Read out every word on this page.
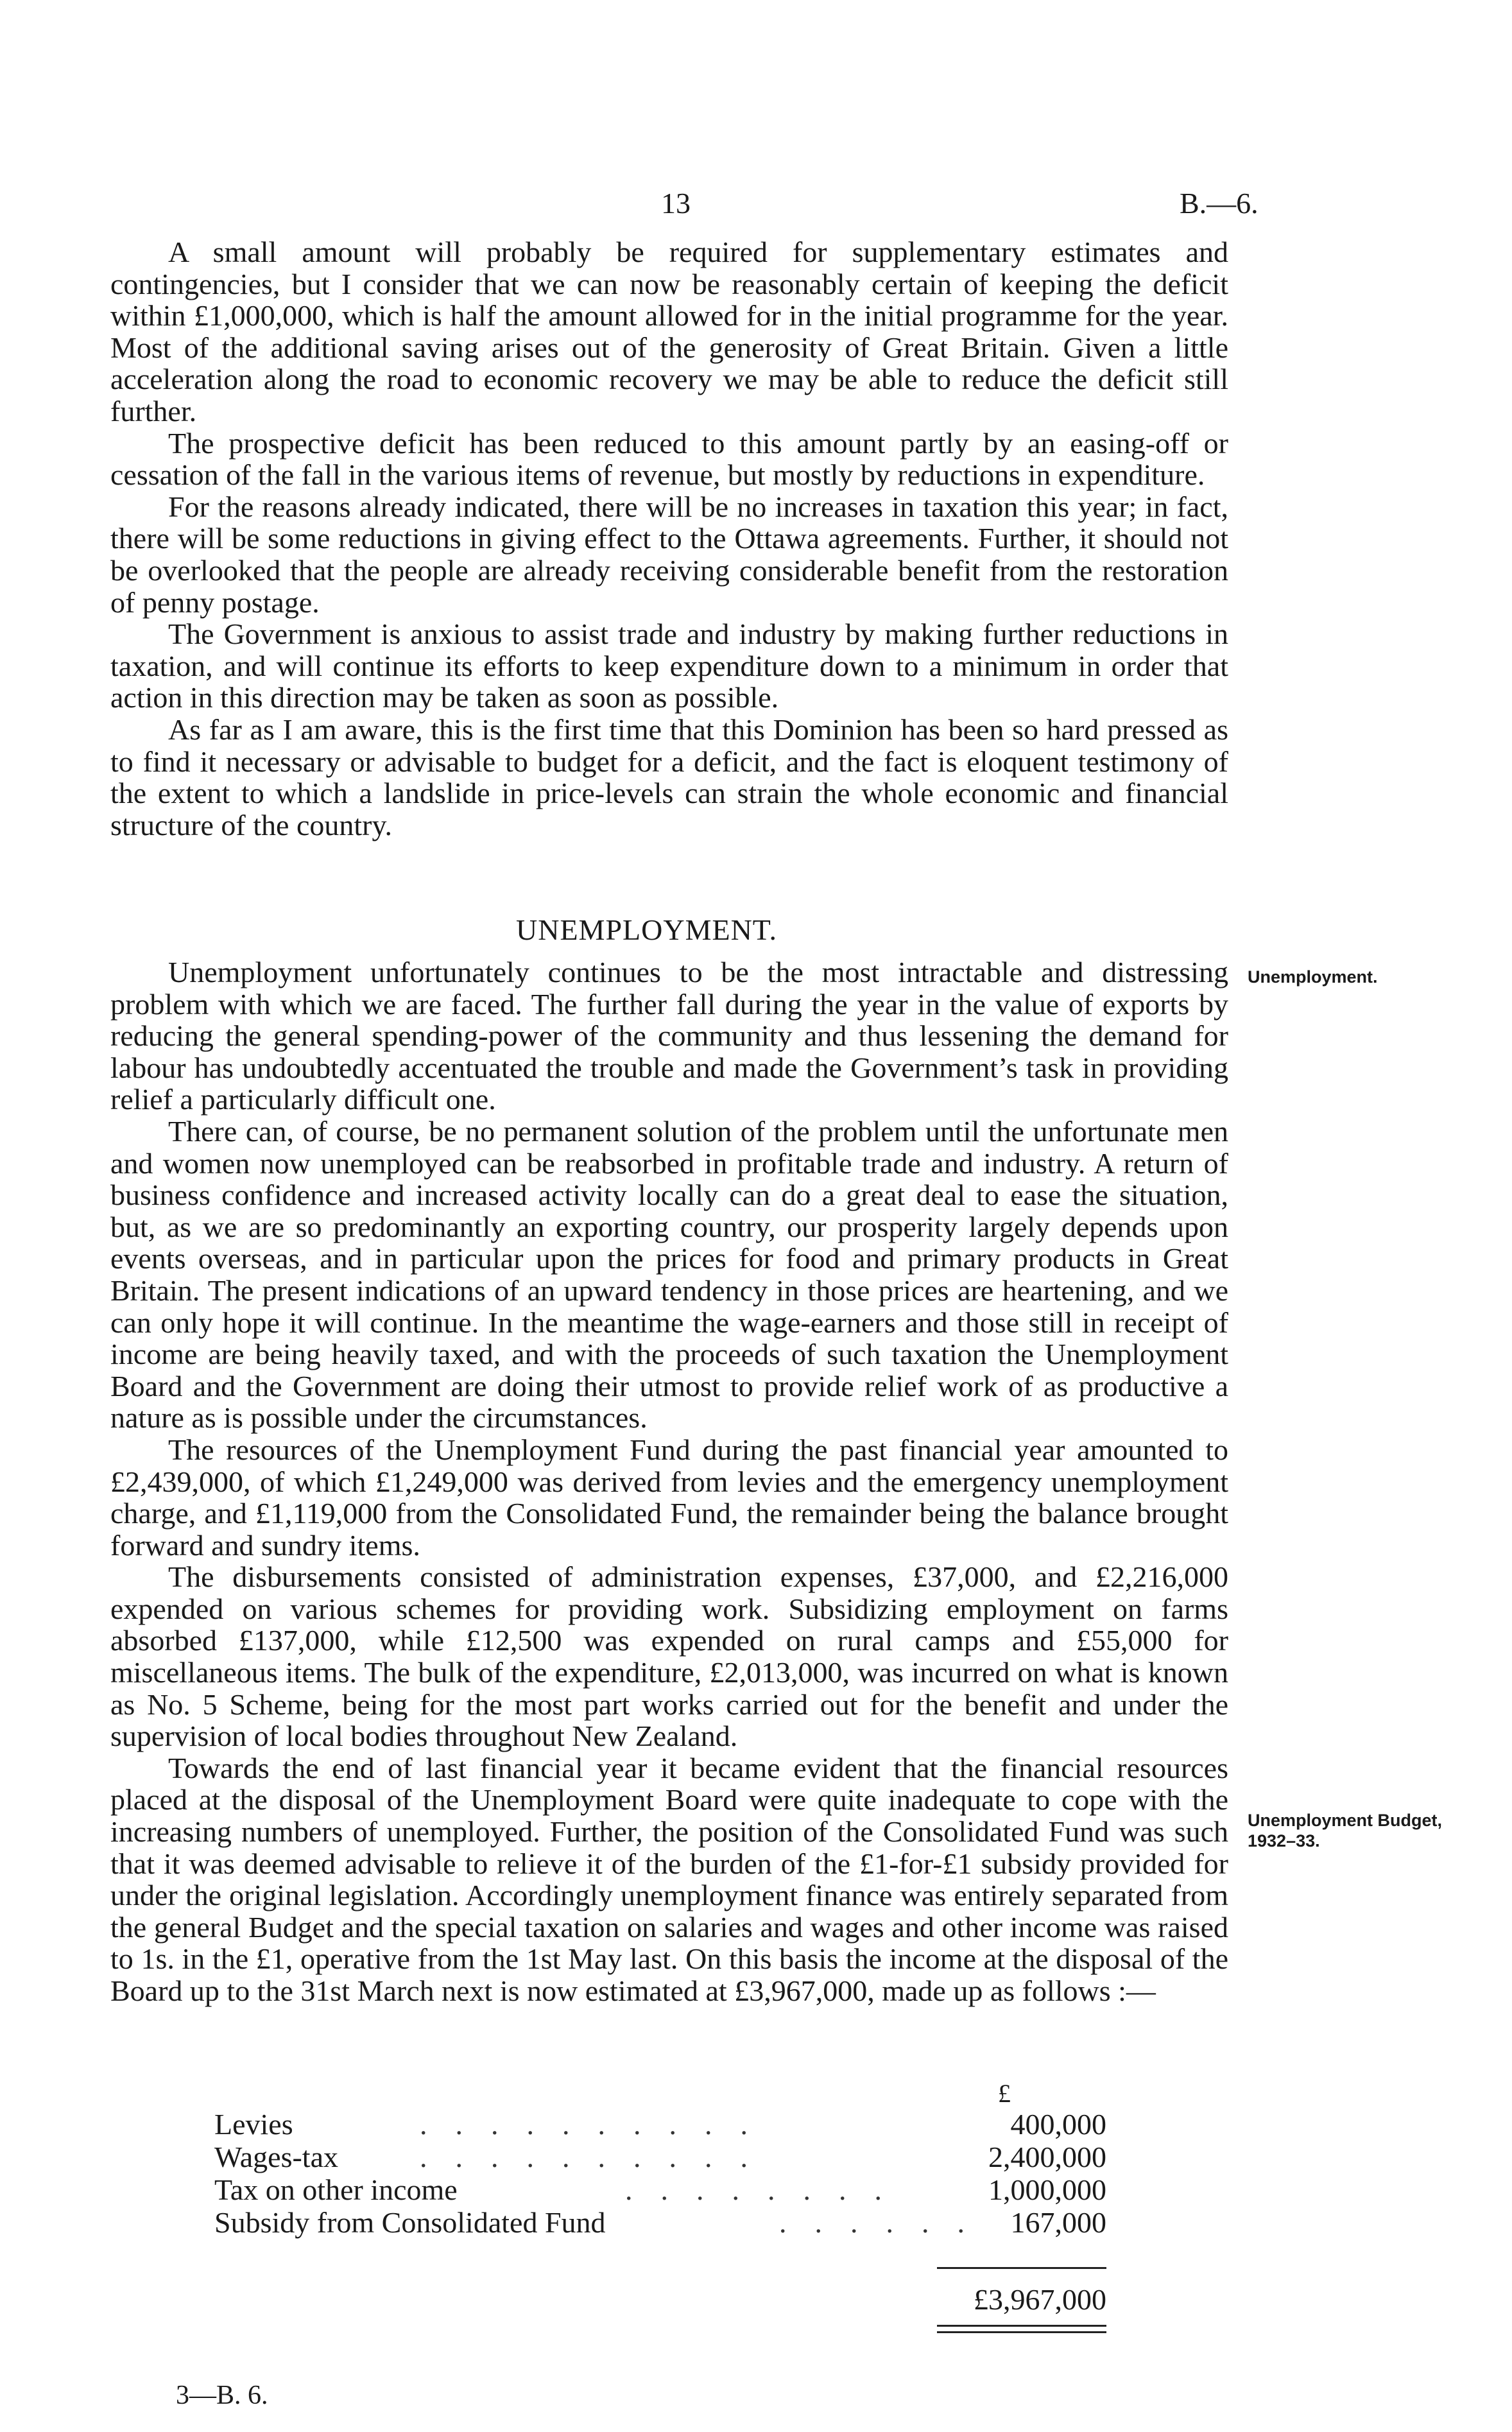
13	B.—6.

A small amount will probably be required for supplementary estimates and contingencies, but I consider that we can now be reasonably certain of keeping the deficit within £1,000,000, which is half the amount allowed for in the initial programme for the year. Most of the additional saving arises out of the generosity of Great Britain. Given a little acceleration along the road to economic recovery we may be able to reduce the deficit still further.

The prospective deficit has been reduced to this amount partly by an easing-off or cessation of the fall in the various items of revenue, but mostly by reductions in expenditure.

For the reasons already indicated, there will be no increases in taxation this year; in fact, there will be some reductions in giving effect to the Ottawa agreements. Further, it should not be overlooked that the people are already receiving considerable benefit from the restoration of penny postage.

The Government is anxious to assist trade and industry by making further reductions in taxation, and will continue its efforts to keep expenditure down to a minimum in order that action in this direction may be taken as soon as possible.

As far as I am aware, this is the first time that this Dominion has been so hard pressed as to find it necessary or advisable to budget for a deficit, and the fact is eloquent testimony of the extent to which a landslide in price-levels can strain the whole economic and financial structure of the country.

UNEMPLOYMENT.

Unemployment unfortunately continues to be the most intractable and distressing problem with which we are faced. The further fall during the year in the value of exports by reducing the general spending-power of the community and thus lessening the demand for labour has undoubtedly accentuated the trouble and made the Government’s task in providing relief a particularly difficult one.

There can, of course, be no permanent solution of the problem until the unfortunate men and women now unemployed can be reabsorbed in profitable trade and industry. A return of business confidence and increased activity locally can do a great deal to ease the situation, but, as we are so predominantly an exporting country, our prosperity largely depends upon events overseas, and in particular upon the prices for food and primary products in Great Britain. The present indications of an upward tendency in those prices are heartening, and we can only hope it will continue. In the meantime the wage-earners and those still in receipt of income are being heavily taxed, and with the proceeds of such taxation the Unemployment Board and the Government are doing their utmost to provide relief work of as productive a nature as is possible under the circumstances.

The resources of the Unemployment Fund during the past financial year amounted to £2,439,000, of which £1,249,000 was derived from levies and the emergency unemployment charge, and £1,119,000 from the Consolidated Fund, the remainder being the balance brought forward and sundry items.

The disbursements consisted of administration expenses, £37,000, and £2,216,000 expended on various schemes for providing work. Subsidizing employment on farms absorbed £137,000, while £12,500 was expended on rural camps and £55,000 for miscellaneous items. The bulk of the expenditure, £2,013,000, was incurred on what is known as No. 5 Scheme, being for the most part works carried out for the benefit and under the supervision of local bodies throughout New Zealand.

Towards the end of last financial year it became evident that the financial resources placed at the disposal of the Unemployment Board were quite inadequate to cope with the increasing numbers of unemployed. Further, the position of the Consolidated Fund was such that it was deemed advisable to relieve it of the burden of the £1-for-£1 subsidy provided for under the original legislation. Accordingly unemployment finance was entirely separated from the general Budget and the special taxation on salaries and wages and other income was raised to 1s. in the £1, operative from the 1st May last. On this basis the income at the disposal of the Board up to the 31st March next is now estimated at £3,967,000, made up as follows :—

Unemployment.
Unemployment Budget, 1932–33.
£
Levies	..........	400,000
Wages-tax	..........	2,400,000
Tax on other income	........	1,000,000
Subsidy from Consolidated Fund	...... 167,000
£3,967,000
3—B. 6.
